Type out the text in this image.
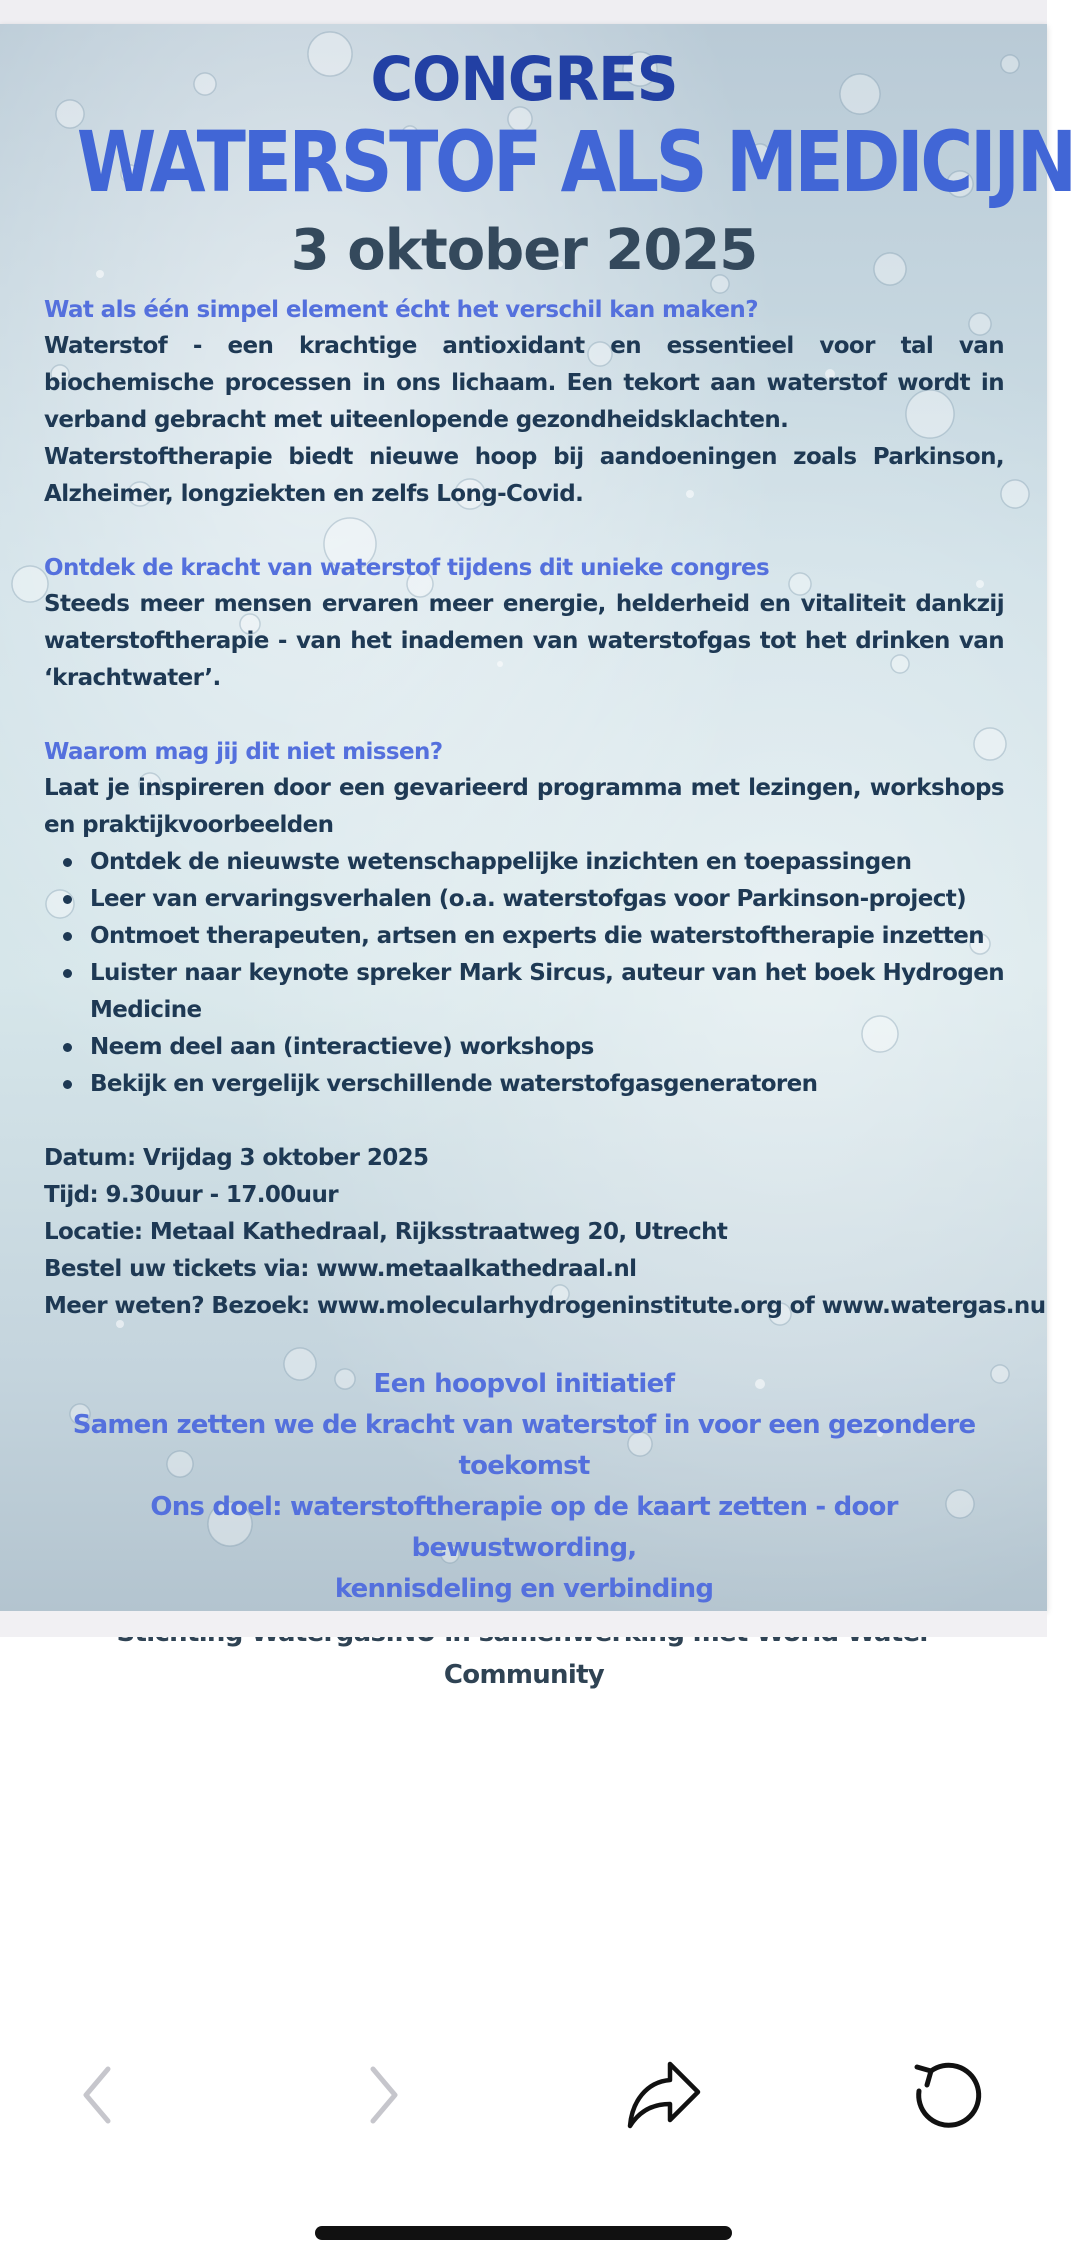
CONGRES
WATERSTOF ALS MEDICIJN
3 oktober 2025
Wat als één simpel element écht het verschil kan maken?
Waterstof - een krachtige antioxidant en essentieel voor tal van biochemische processen in ons lichaam. Een tekort aan waterstof wordt in verband gebracht met uiteenlopende gezondheidsklachten.
Waterstoftherapie biedt nieuwe hoop bij aandoeningen zoals Parkinson, Alzheimer, longziekten en zelfs Long-Covid.
Ontdek de kracht van waterstof tijdens dit unieke congres
Steeds meer mensen ervaren meer energie, helderheid en vitaliteit dankzij waterstoftherapie - van het inademen van waterstofgas tot het drinken van ‘krachtwater’.
Waarom mag jij dit niet missen?
Laat je inspireren door een gevarieerd programma met lezingen, workshops en praktijkvoorbeelden
Ontdek de nieuwste wetenschappelijke inzichten en toepassingen
Leer van ervaringsverhalen (o.a. waterstofgas voor Parkinson-project)
Ontmoet therapeuten, artsen en experts die waterstoftherapie inzetten
Luister naar keynote spreker Mark Sircus, auteur van het boek Hydrogen Medicine
Neem deel aan (interactieve) workshops
Bekijk en vergelijk verschillende waterstofgasgeneratoren
Datum: Vrijdag 3 oktober 2025
Tijd: 9.30uur - 17.00uur
Locatie: Metaal Kathedraal, Rijksstraatweg 20, Utrecht
Bestel uw tickets via: www.metaalkathedraal.nl
Meer weten? Bezoek: www.molecularhydrogeninstitute.org of www.watergas.nu
Een hoopvol initiatief
Samen zetten we de kracht van waterstof in voor een gezondere toekomst
Ons doel: waterstoftherapie op de kaart zetten - door bewustwording,
kennisdeling en verbinding
Community
